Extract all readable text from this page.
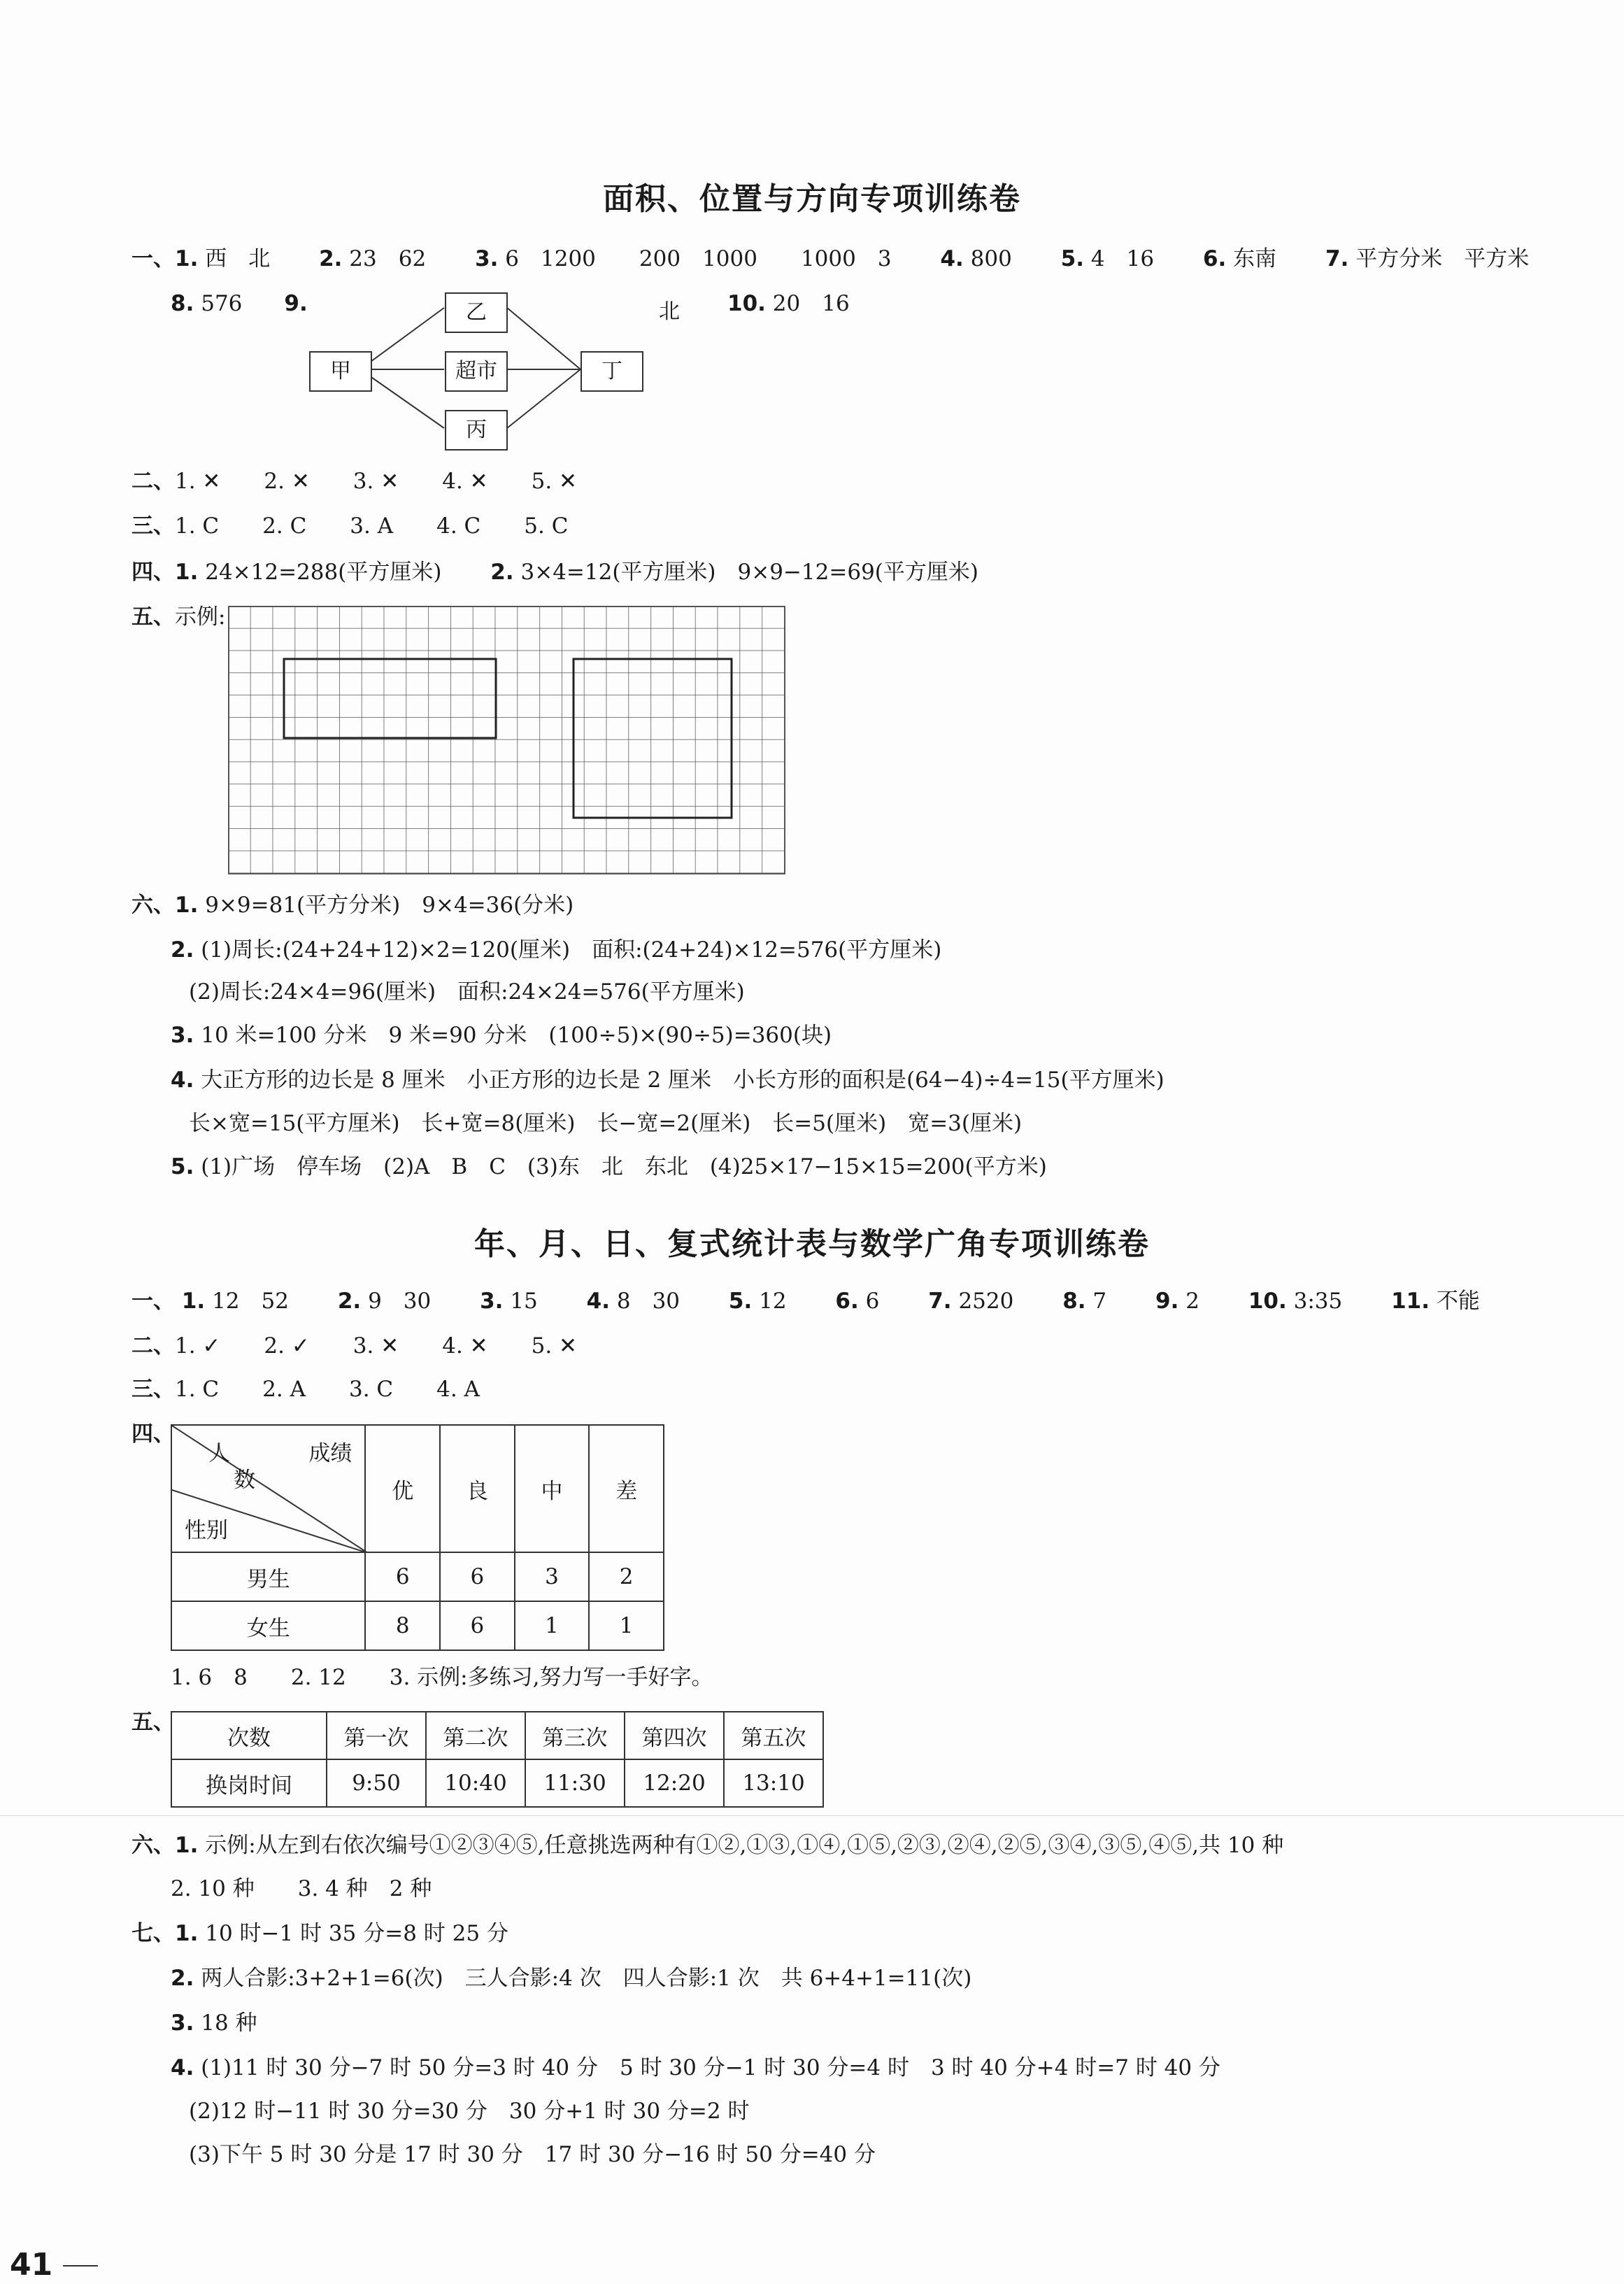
面积、位置与方向专项训练卷
一、1. 西　北 2. 23　62 3. 6　1200　　200　1000　　1000　3 4. 800 5. 4　16 6. 东南 7. 平方分米　平方米
8. 576 9.	10. 20　16
北
乙
甲	超市	丁
丙
二、1. ✕　　2. ✕　　3. ✕　　4. ✕　　5. ✕
三、1. C　　2. C　　3. A　　4. C　　5. C
四、1. 24×12=288(平方厘米) 2. 3×4=12(平方厘米)　9×9−12=69(平方厘米)
五、示例:
六、1. 9×9=81(平方分米)　9×4=36(分米)
2. (1)周长:(24+24+12)×2=120(厘米)　面积:(24+24)×12=576(平方厘米)
(2)周长:24×4=96(厘米)　面积:24×24=576(平方厘米)
3. 10 米=100 分米　9 米=90 分米　(100÷5)×(90÷5)=360(块)
4. 大正方形的边长是 8 厘米　小正方形的边长是 2 厘米　小长方形的面积是(64−4)÷4=15(平方厘米)
长×宽=15(平方厘米)　长+宽=8(厘米)　长−宽=2(厘米)　长=5(厘米)　宽=3(厘米)
5. (1)广场　停车场　(2)A　B　C　(3)东　北　东北　(4)25×17−15×15=200(平方米)
年、月、日、复式统计表与数学广角专项训练卷
一、 1. 12　52 2. 9　30 3. 15 4. 8　30 5. 12 6. 6 7. 2520 8. 7 9. 2 10. 3:35 11. 不能
二、1. ✓　　2. ✓　　3. ✕　　4. ✕　　5. ✕
三、1. C　　2. A　　3. C　　4. A
四、
成绩
人
数
性别	优	良	中	差
男生	6	6	3	2
女生	8	6	1	1
1. 6　8　　2. 12　　3. 示例:多练习,努力写一手好字。
五、
次数	第一次	第二次	第三次	第四次	第五次
换岗时间	9:50	10:40	11:30	12:20	13:10
六、1. 示例:从左到右依次编号①②③④⑤,任意挑选两种有①②,①③,①④,①⑤,②③,②④,②⑤,③④,③⑤,④⑤,共 10 种
2. 10 种　　3. 4 种　2 种
七、1. 10 时−1 时 35 分=8 时 25 分
2. 两人合影:3+2+1=6(次)　三人合影:4 次　四人合影:1 次　共 6+4+1=11(次)
3. 18 种
4. (1)11 时 30 分−7 时 50 分=3 时 40 分　5 时 30 分−1 时 30 分=4 时　3 时 40 分+4 时=7 时 40 分
(2)12 时−11 时 30 分=30 分　30 分+1 时 30 分=2 时
(3)下午 5 时 30 分是 17 时 30 分　17 时 30 分−16 时 50 分=40 分
41
